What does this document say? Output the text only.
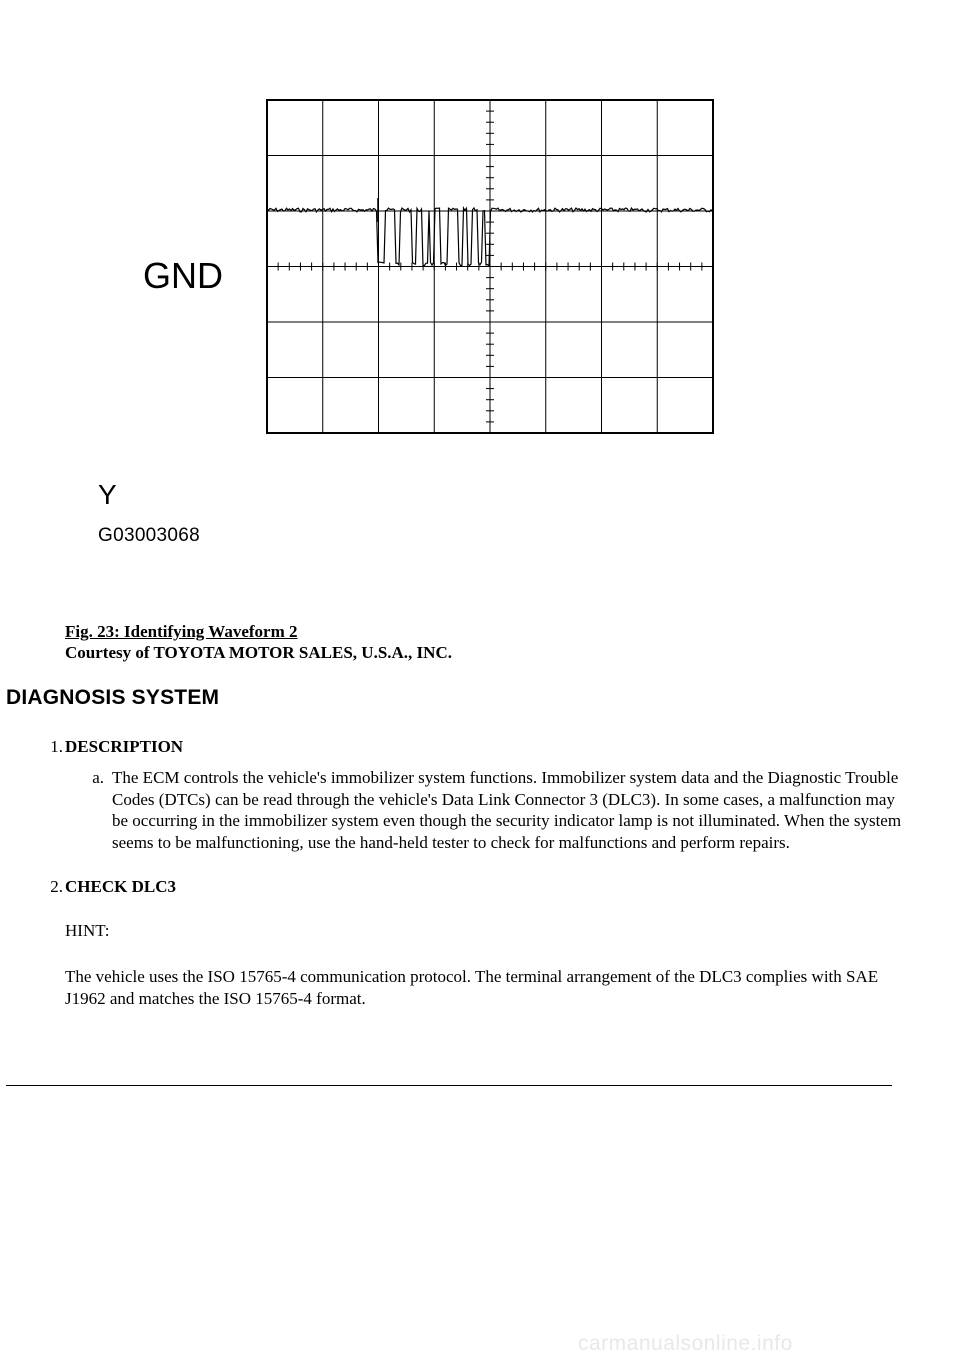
GND
Y
G03003068
Fig. 23: Identifying Waveform 2
Courtesy of TOYOTA MOTOR SALES, U.S.A., INC.
DIAGNOSIS SYSTEM
1. DESCRIPTION
a. The ECM controls the vehicle's immobilizer system functions. Immobilizer system data and the Diagnostic Trouble Codes (DTCs) can be read through the vehicle's Data Link Connector 3 (DLC3). In some cases, a malfunction may be occurring in the immobilizer system even though the security indicator lamp is not illuminated. When the system seems to be malfunctioning, use the hand-held tester to check for malfunctions and perform repairs.
2. CHECK DLC3
HINT:
The vehicle uses the ISO 15765-4 communication protocol. The terminal arrangement of the DLC3 complies with SAE J1962 and matches the ISO 15765-4 format.
carmanualsonline.info
